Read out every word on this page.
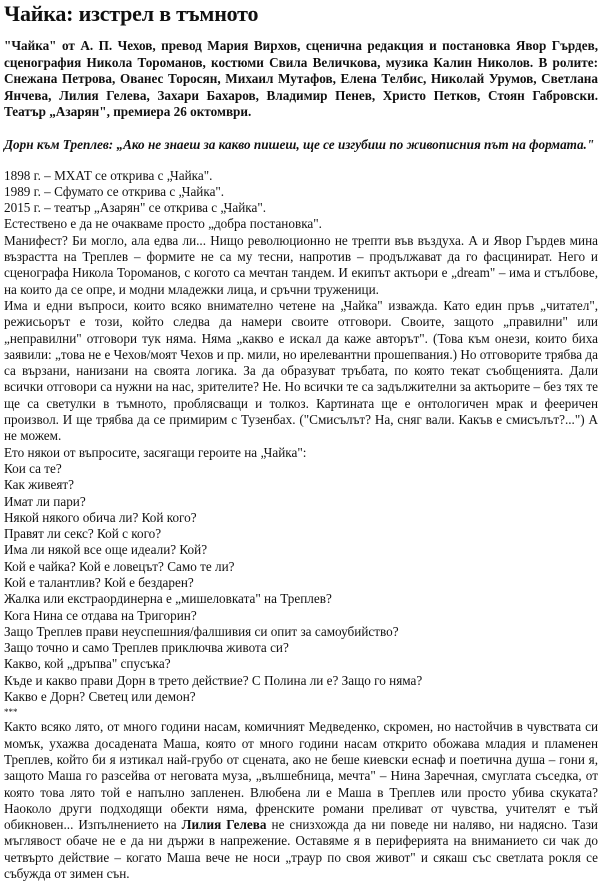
Чайка: изстрел в тъмното

"Чайка" от А. П. Чехов, превод Мария Вирхов, сценична редакция и постановка Явор Гърдев, сценография Никола Тороманов, костюми Свила Величкова, музика Калин Николов. В ролите: Снежана Петрова, Ованес Торосян, Михаил Мутафов, Елена Телбис, Николай Урумов, Светлана Янчева, Лилия Гелева, Захари Бахаров, Владимир Пенев, Христо Петков, Стоян Габровски. Театър „Азарян", премиера 26 октомври.

Дорн към Треплев: „Ако не знаеш за какво пишеш, ще се изгубиш по живописния път на формата."

1898 г. – МХАТ се открива с „Чайка".

1989 г. – Сфумато се открива с „Чайка".

2015 г. – театър „Азарян" се открива с „Чайка".

Естествено е да не очакваме просто „добра постановка".

Манифест? Би могло, ала едва ли... Нищо революционно не трепти във въздуха. А и Явор Гърдев мина възрастта на Треплев – формите не са му тесни, напротив – продължават да го фасцинират. Него и сценографа Никола Тороманов, с когото са мечтан тандем. И екипът актьори е „dream" – има и стълбове, на които да се опре, и модни младежки лица, и сръчни труженици.

Има и едни въпроси, които всяко внимателно четене на „Чайка" изважда. Като един пръв „читател", режисьорът е този, който следва да намери своите отговори. Своите, защото „правилни" или „неправилни" отговори тук няма. Няма „какво е искал да каже авторът". (Това към онези, които биха заявили: „това не е Чехов/моят Чехов и пр. мили, но ирелевантни прошепвания.) Но отговорите трябва да са вързани, нанизани на своята логика. За да образуват тръбата, по която текат съобщенията. Дали всички отговори са нужни на нас, зрителите? Не. Но всички те са задължителни за актьорите – без тях те ще са светулки в тъмното, проблясващи и толкоз. Картината ще е онтологичен мрак и фееричен произвол. И ще трябва да се примирим с Тузенбах. ("Смисълът? На, сняг вали. Какъв е смисълът?...") А не можем.

Ето някои от въпросите, засягащи героите на „Чайка":

Кои са те?

Как живеят?

Имат ли пари?

Някой някого обича ли? Кой кого?

Правят ли секс? Кой с кого?

Има ли някой все още идеали? Кой?

Кой е чайка? Кой е ловецът? Само те ли?

Кой е талантлив? Кой е бездарен?

Жалка или екстраординерна е „мишеловката" на Треплев?

Кога Нина се отдава на Тригорин?

Защо Треплев прави неуспешния/фалшивия си опит за самоубийство?

Защо точно и само Треплев приключва живота си?

Какво, кой „дръпва" спусъка?

Къде и какво прави Дорн в трето действие? С Полина ли е? Защо го няма?

Какво е Дорн? Светец или демон?

***

Както всяко лято, от много години насам, комичният Медведенко, скромен, но настойчив в чувствата си момък, ухажва досадената Маша, която от много години насам открито обожава младия и пламенен Треплев, който би я изтикал най-грубо от сцената, ако не беше киевски еснаф и поетична душа – гони я, защото Маша го разсейва от неговата муза, „вълшебница, мечта" – Нина Заречная, смуглата съседка, от която това лято той е напълно запленен. Влюбена ли е Маша в Треплев или просто убива скуката? Наоколо други подходящи обекти няма, френските романи преливат от чувства, учителят е тъй обикновен... Изпълнението на Лилия Гелева не снизхожда да ни поведе ни наляво, ни надясно. Тази мъглявост обаче не е да ни държи в напрежение. Оставяме я в периферията на вниманието си чак до четвърто действие – когато Маша вече не носи „траур по своя живот" и сякаш със светлата рокля се събужда от зимен сън.
